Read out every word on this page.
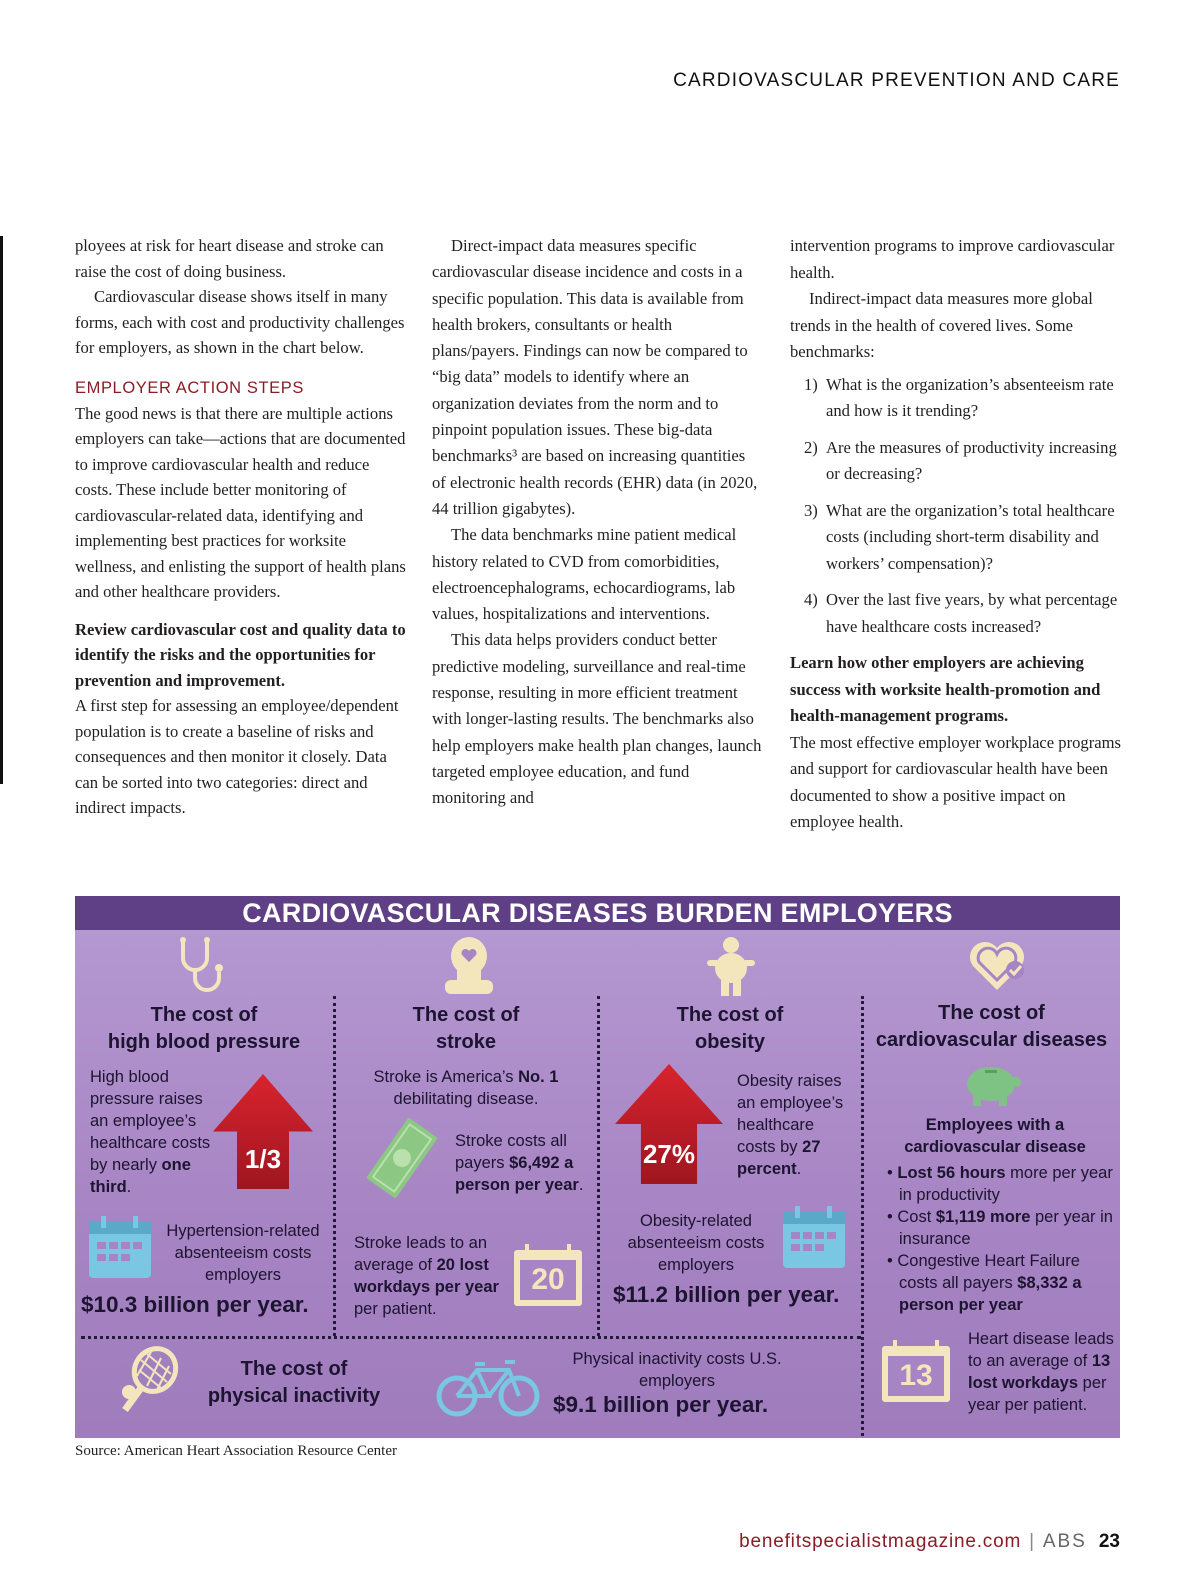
CARDIOVASCULAR PREVENTION AND CARE

ployees at risk for heart disease and stroke can raise the cost of doing business.

Cardiovascular disease shows itself in many forms, each with cost and productivity challenges for employers, as shown in the chart below.

EMPLOYER ACTION STEPS

The good news is that there are multiple actions employers can take—actions that are documented to improve cardiovascular health and reduce costs. These include better monitoring of cardiovascular-related data, identifying and implementing best practices for worksite wellness, and enlisting the support of health plans and other healthcare providers.

Review cardiovascular cost and quality data to identify the risks and the opportunities for prevention and improvement.

A first step for assessing an employee/dependent population is to create a baseline of risks and consequences and then monitor it closely. Data can be sorted into two categories: direct and indirect impacts.

Direct-impact data measures specific cardiovascular disease incidence and costs in a specific population. This data is available from health brokers, consultants or health plans/payers. Findings can now be compared to “big data” models to identify where an organization deviates from the norm and to pinpoint population issues. These big-data benchmarks³ are based on increasing quantities of electronic health records (EHR) data (in 2020, 44 trillion gigabytes).

The data benchmarks mine patient medical history related to CVD from comorbidities, electroencephalograms, echocardiograms, lab values, hospitalizations and interventions.

This data helps providers conduct better predictive modeling, surveillance and real-time response, resulting in more efficient treatment with longer-lasting results. The benchmarks also help employers make health plan changes, launch targeted employee education, and fund monitoring and

intervention programs to improve cardiovascular health.

Indirect-impact data measures more global trends in the health of covered lives. Some benchmarks:

1) What is the organization’s absenteeism rate and how is it trending?
2) Are the measures of productivity increasing or decreasing?
3) What are the organization’s total healthcare costs (including short-term disability and workers’ compensation)?
4) Over the last five years, by what percentage have healthcare costs increased?

Learn how other employers are achieving success with worksite health-promotion and health-management programs.

The most effective employer workplace programs and support for cardiovascular health have been documented to show a positive impact on employee health.

CARDIOVASCULAR DISEASES BURDEN EMPLOYERS
The cost of
high blood pressure
High blood pressure raises an employee’s healthcare costs by nearly one third.
1/3
Hypertension-related absenteeism costs employers
$10.3 billion per year.
The cost of
stroke
Stroke is America’s No. 1 debilitating disease.
Stroke costs all payers $6,492 a person per year.
Stroke leads to an average of 20 lost workdays per year per patient.
20
The cost of
obesity
27%
Obesity raises an employee’s healthcare costs by 27 percent.
Obesity-related absenteeism costs employers
$11.2 billion per year.
The cost of
cardiovascular diseases
Employees with a cardiovascular disease
• Lost 56 hours more per year in productivity
• Cost $1,119 more per year in insurance
• Congestive Heart Failure costs all payers $8,332 a person per year
13
Heart disease leads to an average of 13 lost workdays per year per patient.
The cost of
physical inactivity
Physical inactivity costs U.S. employers
$9.1 billion per year.
Source: American Heart Association Resource Center
benefitspecialistmagazine.com | ABS 23
